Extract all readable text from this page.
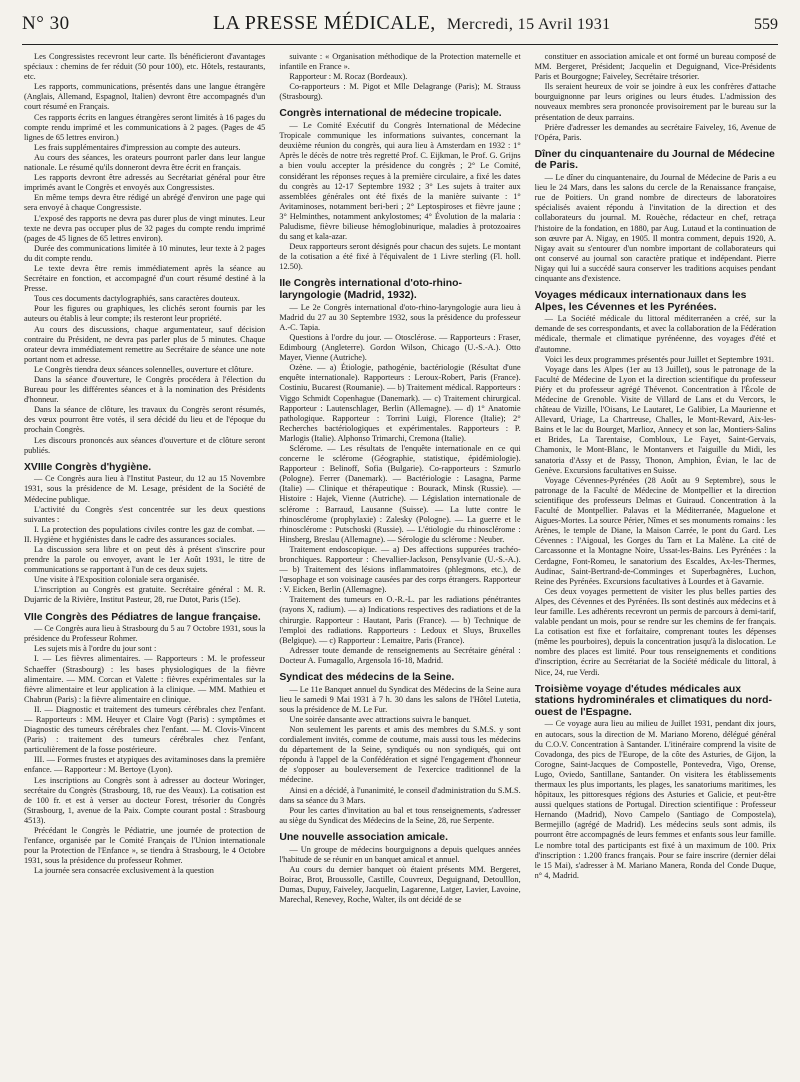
N° 30	LA PRESSE MÉDICALE, Mercredi, 15 Avril 1931	559

Les Congressistes recevront leur carte. Ils bénéficieront d'avantages spéciaux : chemins de fer réduit (50 pour 100), etc. Hôtels, restaurants, etc.

Les rapports, communications, présentés dans une langue étrangère (Anglais, Allemand, Espagnol, Italien) devront être accompagnés d'un court résumé en Français.

Ces rapports écrits en langues étrangères seront limités à 16 pages du compte rendu imprimé et les communications à 2 pages. (Pages de 45 lignes de 65 lettres environ.)

Les frais supplémentaires d'impression au compte des auteurs.

Au cours des séances, les orateurs pourront parler dans leur langue nationale. Le résumé qu'ils donneront devra être écrit en français.

Les rapports devront être adressés au Secrétariat général pour être imprimés avant le Congrès et envoyés aux Congressistes.

En même temps devra être rédigé un abrégé d'environ une page qui sera envoyé à chaque Congressiste.

L'exposé des rapports ne devra pas durer plus de vingt minutes. Leur texte ne devra pas occuper plus de 32 pages du compte rendu imprimé (pages de 45 lignes de 65 lettres environ).

Durée des communications limitée à 10 minutes, leur texte à 2 pages du dit compte rendu.

Le texte devra être remis immédiatement après la séance au Secrétaire en fonction, et accompagné d'un court résumé destiné à la Presse.

Tous ces documents dactylographiés, sans caractères douteux.

Pour les figures ou graphiques, les clichés seront fournis par les auteurs ou établis à leur compte; ils resteront leur propriété.

Au cours des discussions, chaque argumentateur, sauf décision contraire du Président, ne devra pas parler plus de 5 minutes. Chaque orateur devra immédiatement remettre au Secrétaire de séance une note portant nom et adresse.

Le Congrès tiendra deux séances solennelles, ouverture et clôture.

Dans la séance d'ouverture, le Congrès procédera à l'élection du Bureau pour les différentes séances et à la nomination des Présidents d'honneur.

Dans la séance de clôture, les travaux du Congrès seront résumés, des vœux pourront être votés, il sera décidé du lieu et de l'époque du prochain Congrès.

Les discours prononcés aux séances d'ouverture et de clôture seront publiés.

XVIIIe Congrès d'hygiène.

— Ce Congrès aura lieu à l'Institut Pasteur, du 12 au 15 Novembre 1931, sous la présidence de M. Lesage, président de la Société de Médecine publique.

L'activité du Congrès s'est concentrée sur les deux questions suivantes :

I. La protection des populations civiles contre les gaz de combat. — II. Hygiène et hygiénistes dans le cadre des assurances sociales.

La discussion sera libre et on peut dès à présent s'inscrire pour prendre la parole ou envoyer, avant le 1er Août 1931, le titre de communications se rapportant à l'un de ces deux sujets.

Une visite à l'Exposition coloniale sera organisée.

L'inscription au Congrès est gratuite. Secrétaire général : M. R. Dujarric de la Rivière, Institut Pasteur, 28, rue Dutot, Paris (15e).

VIIe Congrès des Pédiatres de langue française.

— Ce Congrès aura lieu à Strasbourg du 5 au 7 Octobre 1931, sous la présidence du Professeur Rohmer.

Les sujets mis à l'ordre du jour sont :

I. — Les fièvres alimentaires. — Rapporteurs : M. le professeur Schaeffer (Strasbourg) : les bases physiologiques de la fièvre alimentaire. — MM. Corcan et Valette : fièvres expérimentales sur la fièvre alimentaire et leur application à la clinique. — MM. Mathieu et Chabrun (Paris) : la fièvre alimentaire en clinique.

II. — Diagnostic et traitement des tumeurs cérébrales chez l'enfant. — Rapporteurs : MM. Heuyer et Claire Vogt (Paris) : symptômes et Diagnostic des tumeurs cérébrales chez l'enfant. — M. Clovis-Vincent (Paris) : traitement des tumeurs cérébrales chez l'enfant, particulièrement de la fosse postérieure.

III. — Formes frustes et atypiques des avitaminoses dans la première enfance. — Rapporteur : M. Bertoye (Lyon).

Les inscriptions au Congrès sont à adresser au docteur Woringer, secrétaire du Congrès (Strasbourg, 18, rue des Veaux). La cotisation est de 100 fr. et est à verser au docteur Forest, trésorier du Congrès (Strasbourg, 1, avenue de la Paix. Compte courant postal : Strasbourg 4513).

Précédant le Congrès le Pédiatrie, une journée de protection de l'enfance, organisée par le Comité Français de l'Union internationale pour la Protection de l'Enfance », se tiendra à Strasbourg, le 4 Octobre 1931, sous la présidence du professeur Rohmer.

La journée sera consacrée exclusivement à la question

suivante : « Organisation méthodique de la Protection maternelle et infantile en France ».

Rapporteur : M. Rocaz (Bordeaux).

Co-rapporteurs : M. Pigot et Mlle Delagrange (Paris); M. Strauss (Strasbourg).

Congrès international de médecine tropicale.

— Le Comité Exécutif du Congrès International de Médecine Tropicale communique les informations suivantes, concernant la deuxième réunion du congrès, qui aura lieu à Amsterdam en 1932 : 1° Après le décès de notre très regretté Prof. C. Eijkman, le Prof. G. Grijns a bien voulu accepter la présidence du congrès ; 2° Le Comité, considérant les réponses reçues à la première circulaire, a fixé les dates du congrès au 12-17 Septembre 1932 ; 3° Les sujets à traiter aux assemblées générales ont été fixés de la manière suivante : 1° Avitaminoses, notamment beri-beri ; 2° Leptospiroses et fièvre jaune ; 3° Helminthes, notamment ankylostomes; 4° Évolution de la malaria : Paludisme, fièvre bilieuse hémoglobinurique, maladies à protozoaires du sang et kala-azar.

Deux rapporteurs seront désignés pour chacun des sujets. Le montant de la cotisation a été fixé à l'équivalent de 1 Livre sterling (Fl. holl. 12.50).

IIe Congrès international d'oto-rhino-laryngologie (Madrid, 1932).

— Le 2e Congrès international d'oto-rhino-laryngologie aura lieu à Madrid du 27 au 30 Septembre 1932, sous la présidence du professeur A.-C. Tapia.

Questions à l'ordre du jour. — Otosclérose. — Rapporteurs : Fraser, Edimbourg (Angleterre). Gordon Wilson, Chicago (U.-S.-A.). Otto Mayer, Vienne (Autriche).

Ozène. — a) Étiologie, pathogénie, bactériologie (Résultat d'une enquête internationale). Rapporteurs : Leroux-Robert, Paris (France). Costiniu, Bucarest (Roumanie). — b) Traitement médical. Rapporteurs : Viggo Schmidt Copenhague (Danemark). — c) Traitement chirurgical. Rapporteur : Lautenschlager, Berlin (Allemagne). — d) 1° Anatomie pathologique. Rapporteur : Torrini Luigi, Florence (Italie); 2° Recherches bactériologiques et expérimentales. Rapporteurs : P. Marlogis (Italie). Alphonso Trimarchi, Cremona (Italie).

Sclérome. — Les résultats de l'enquête internationale en ce qui concerne le sclérome (Géographie, statistique, épidémiologie). Rapporteur : Belinoff, Sofia (Bulgarie). Co-rapporteurs : Szmurlo (Pologne). Ferrer (Danemark). — Bactériologie : Lasagna, Parme (Italie) — Clinique et thérapeutique : Bourack, Minsk (Russie). — Histoire : Hajek, Vienne (Autriche). — Législation internationale de sclérome : Barraud, Lausanne (Suisse). — La lutte contre le rhinosclérome (prophylaxie) : Zalesky (Pologne). — La guerre et le rhinosclérome : Putschoski (Russie). — L'étiologie du rhinosclérome : Hinsberg, Breslau (Allemagne). — Sérologie du sclérome : Neuber.

Traitement endoscopique. — a) Des affections suppurées trachéo-bronchiques. Rapporteur : Chevallier-Jackson, Pensylvanie (U.-S.-A.). — b) Traitement des lésions inflammatoires (phlegmons, etc.), de l'œsophage et son voisinage causées par des corps étrangers. Rapporteur : V. Eicken, Berlin (Allemagne).

Traitement des tumeurs en O.-R.-L. par les radiations pénétrantes (rayons X, radium). — a) Indications respectives des radiations et de la chirurgie. Rapporteur : Hautant, Paris (France). — b) Technique de l'emploi des radiations. Rapporteurs : Ledoux et Sluys, Bruxelles (Belgique). — c) Rapporteur : Lemaitre, Paris (France).

Adresser toute demande de renseignements au Secrétaire général : Docteur A. Fumagallo, Argensola 16-18, Madrid.

Syndicat des médecins de la Seine.

— Le 11e Banquet annuel du Syndicat des Médecins de la Seine aura lieu le samedi 9 Mai 1931 à 7 h. 30 dans les salons de l'Hôtel Lutetia, sous la présidence de M. Le Fur.

Une soirée dansante avec attractions suivra le banquet.

Non seulement les parents et amis des membres du S.M.S. y sont cordialement invités, comme de coutume, mais aussi tous les médecins du département de la Seine, syndiqués ou non syndiqués, qui ont répondu à l'appel de la Confédération et signé l'engagement d'honneur de s'opposer au bouleversement de l'exercice traditionnel de la médecine.

Ainsi en a décidé, à l'unanimité, le conseil d'administration du S.M.S. dans sa séance du 3 Mars.

Pour les cartes d'invitation au bal et tous renseignements, s'adresser au siège du Syndicat des Médecins de la Seine, 28, rue Serpente.

Une nouvelle association amicale.

— Un groupe de médecins bourguignons a depuis quelques années l'habitude de se réunir en un banquet amical et annuel.

Au cours du dernier banquet où étaient présents MM. Bergeret, Boirac, Brot, Broussolle, Castille, Couvreux, Deguignand, Detoulllon, Dumas, Dupuy, Faiveley, Jacquelin, Lagarenne, Latger, Lavier, Lavoine, Marechal, Renevey, Roche, Walter, ils ont décidé de se

constituer en association amicale et ont formé un bureau composé de MM. Bergeret, Président; Jacquelin et Deguignand, Vice-Présidents Paris et Bourgogne; Faiveley, Secrétaire trésorier.

Ils seraient heureux de voir se joindre à eux les confrères d'attache bourguignonne par leurs origines ou leurs études. L'admission des nouveaux membres sera prononcée provisoirement par le bureau sur la présentation de deux parrains.

Prière d'adresser les demandes au secrétaire Faiveley, 16, Avenue de l'Opéra, Paris.

Dîner du cinquantenaire du Journal de Médecine de Paris.

— Le dîner du cinquantenaire, du Journal de Médecine de Paris a eu lieu le 24 Mars, dans les salons du cercle de la Renaissance française, rue de Poitiers. Un grand nombre de directeurs de laboratoires spécialisés avaient répondu à l'invitation de la direction et des collaborateurs du journal. M. Rouèche, rédacteur en chef, retraça l'histoire de la fondation, en 1880, par Aug. Lutaud et la continuation de son œuvre par A. Nigay, en 1905. Il montra comment, depuis 1920, A. Nigay avait su s'entourer d'un nombre important de collaborateurs qui ont conservé au journal son caractère pratique et indépendant. Pierre Nigay qui lui a succédé saura conserver les traditions acquises pendant cinquante ans d'existence.

Voyages médicaux internationaux dans les Alpes, les Cévennes et les Pyrénées.

— La Société médicale du littoral méditerranéen a créé, sur la demande de ses correspondants, et avec la collaboration de la Fédération médicale, thermale et climatique pyrénéenne, des voyages d'été et d'automne.

Voici les deux programmes présentés pour Juillet et Septembre 1931.

Voyage dans les Alpes (1er au 13 Juillet), sous le patronage de la Faculté de Médecine de Lyon et la direction scientifique du professeur Piéry et du professeur agrégé Thévenot. Concentration à l'École de Médecine de Grenoble. Visite de Villard de Lans et du Vercors, le château de Vizille, l'Oisans, Le Lautaret, Le Galibier, La Maurienne et Allevard, Uriage, La Chartreuse, Challes, le Mont-Revard, Aix-les-Bains et le lac du Bourget, Marlioz, Annecy et son lac, Montiers-Salins et Brides, La Tarentaise, Combloux, Le Fayet, Saint-Gervais, Chamonix, le Mont-Blanc, le Montanvers et l'aiguille du Midi, les sanatoria d'Assy et de Passy, Thonon, Amphion, Évian, le lac de Genève. Excursions facultatives en Suisse.

Voyage Cévennes-Pyrénées (28 Août au 9 Septembre), sous le patronage de la Faculté de Médecine de Montpellier et la direction scientifique des professeurs Delmas et Guiraud. Concentration à la Faculté de Montpellier. Palavas et la Méditerranée, Maguelone et Aigues-Mortes. La source Périer, Nîmes et ses monuments romains : les Arènes, le temple de Diane, la Maison Carrée, le pont du Gard. Les Cévennes : l'Aigoual, les Gorges du Tarn et La Malène. La cité de Carcassonne et la Montagne Noire, Ussat-les-Bains. Les Pyrénées : la Cerdagne, Font-Romeu, le sanatorium des Escaldes, Ax-les-Thermes, Audinac, Saint-Bertrand-de-Comminges et Superbagnères, Luchon, Reine des Pyrénées. Excursions facultatives à Lourdes et à Gavarnie.

Ces deux voyages permettent de visiter les plus belles parties des Alpes, des Cévennes et des Pyrénées. Ils sont destinés aux médecins et à leur famille. Les adhérents recevront un permis de parcours à demi-tarif, valable pendant un mois, pour se rendre sur les chemins de fer français. La cotisation est fixe et forfaitaire, comprenant toutes les dépenses (même les pourboires), depuis la concentration jusqu'à la dislocation. Le nombre des places est limité. Pour tous renseignements et conditions d'inscription, écrire au Secrétariat de la Société médicale du littoral, à Nice, 24, rue Verdi.

Troisième voyage d'études médicales aux stations hydrominérales et climatiques du nord-ouest de l'Espagne.

— Ce voyage aura lieu au milieu de Juillet 1931, pendant dix jours, en autocars, sous la direction de M. Mariano Moreno, délégué général du C.O.V. Concentration à Santander. L'itinéraire comprend la visite de Covadonga, des pics de l'Europe, de la côte des Asturies, de Gijon, la Corogne, Saint-Jacques de Compostelle, Pontevedra, Vigo, Orense, Lugo, Oviedo, Santillane, Santander. On visitera les établissements thermaux les plus importants, les plages, les sanatoriums maritimes, les hôpitaux, les pittoresques régions des Asturies et Galicie, et peut-être aussi quelques stations de Portugal. Direction scientifique : Professeur Hernando (Madrid), Novo Campelo (Santiago de Compostela), Bermejillo (agrégé de Madrid). Les médecins seuls sont admis, ils pourront être accompagnés de leurs femmes et enfants sous leur famille. Le nombre total des participants est fixé à un maximum de 100. Prix d'inscription : 1.200 francs français. Pour se faire inscrire (dernier délai le 15 Mai), s'adresser à M. Mariano Manera, Ronda del Conde Duque, n° 4, Madrid.
